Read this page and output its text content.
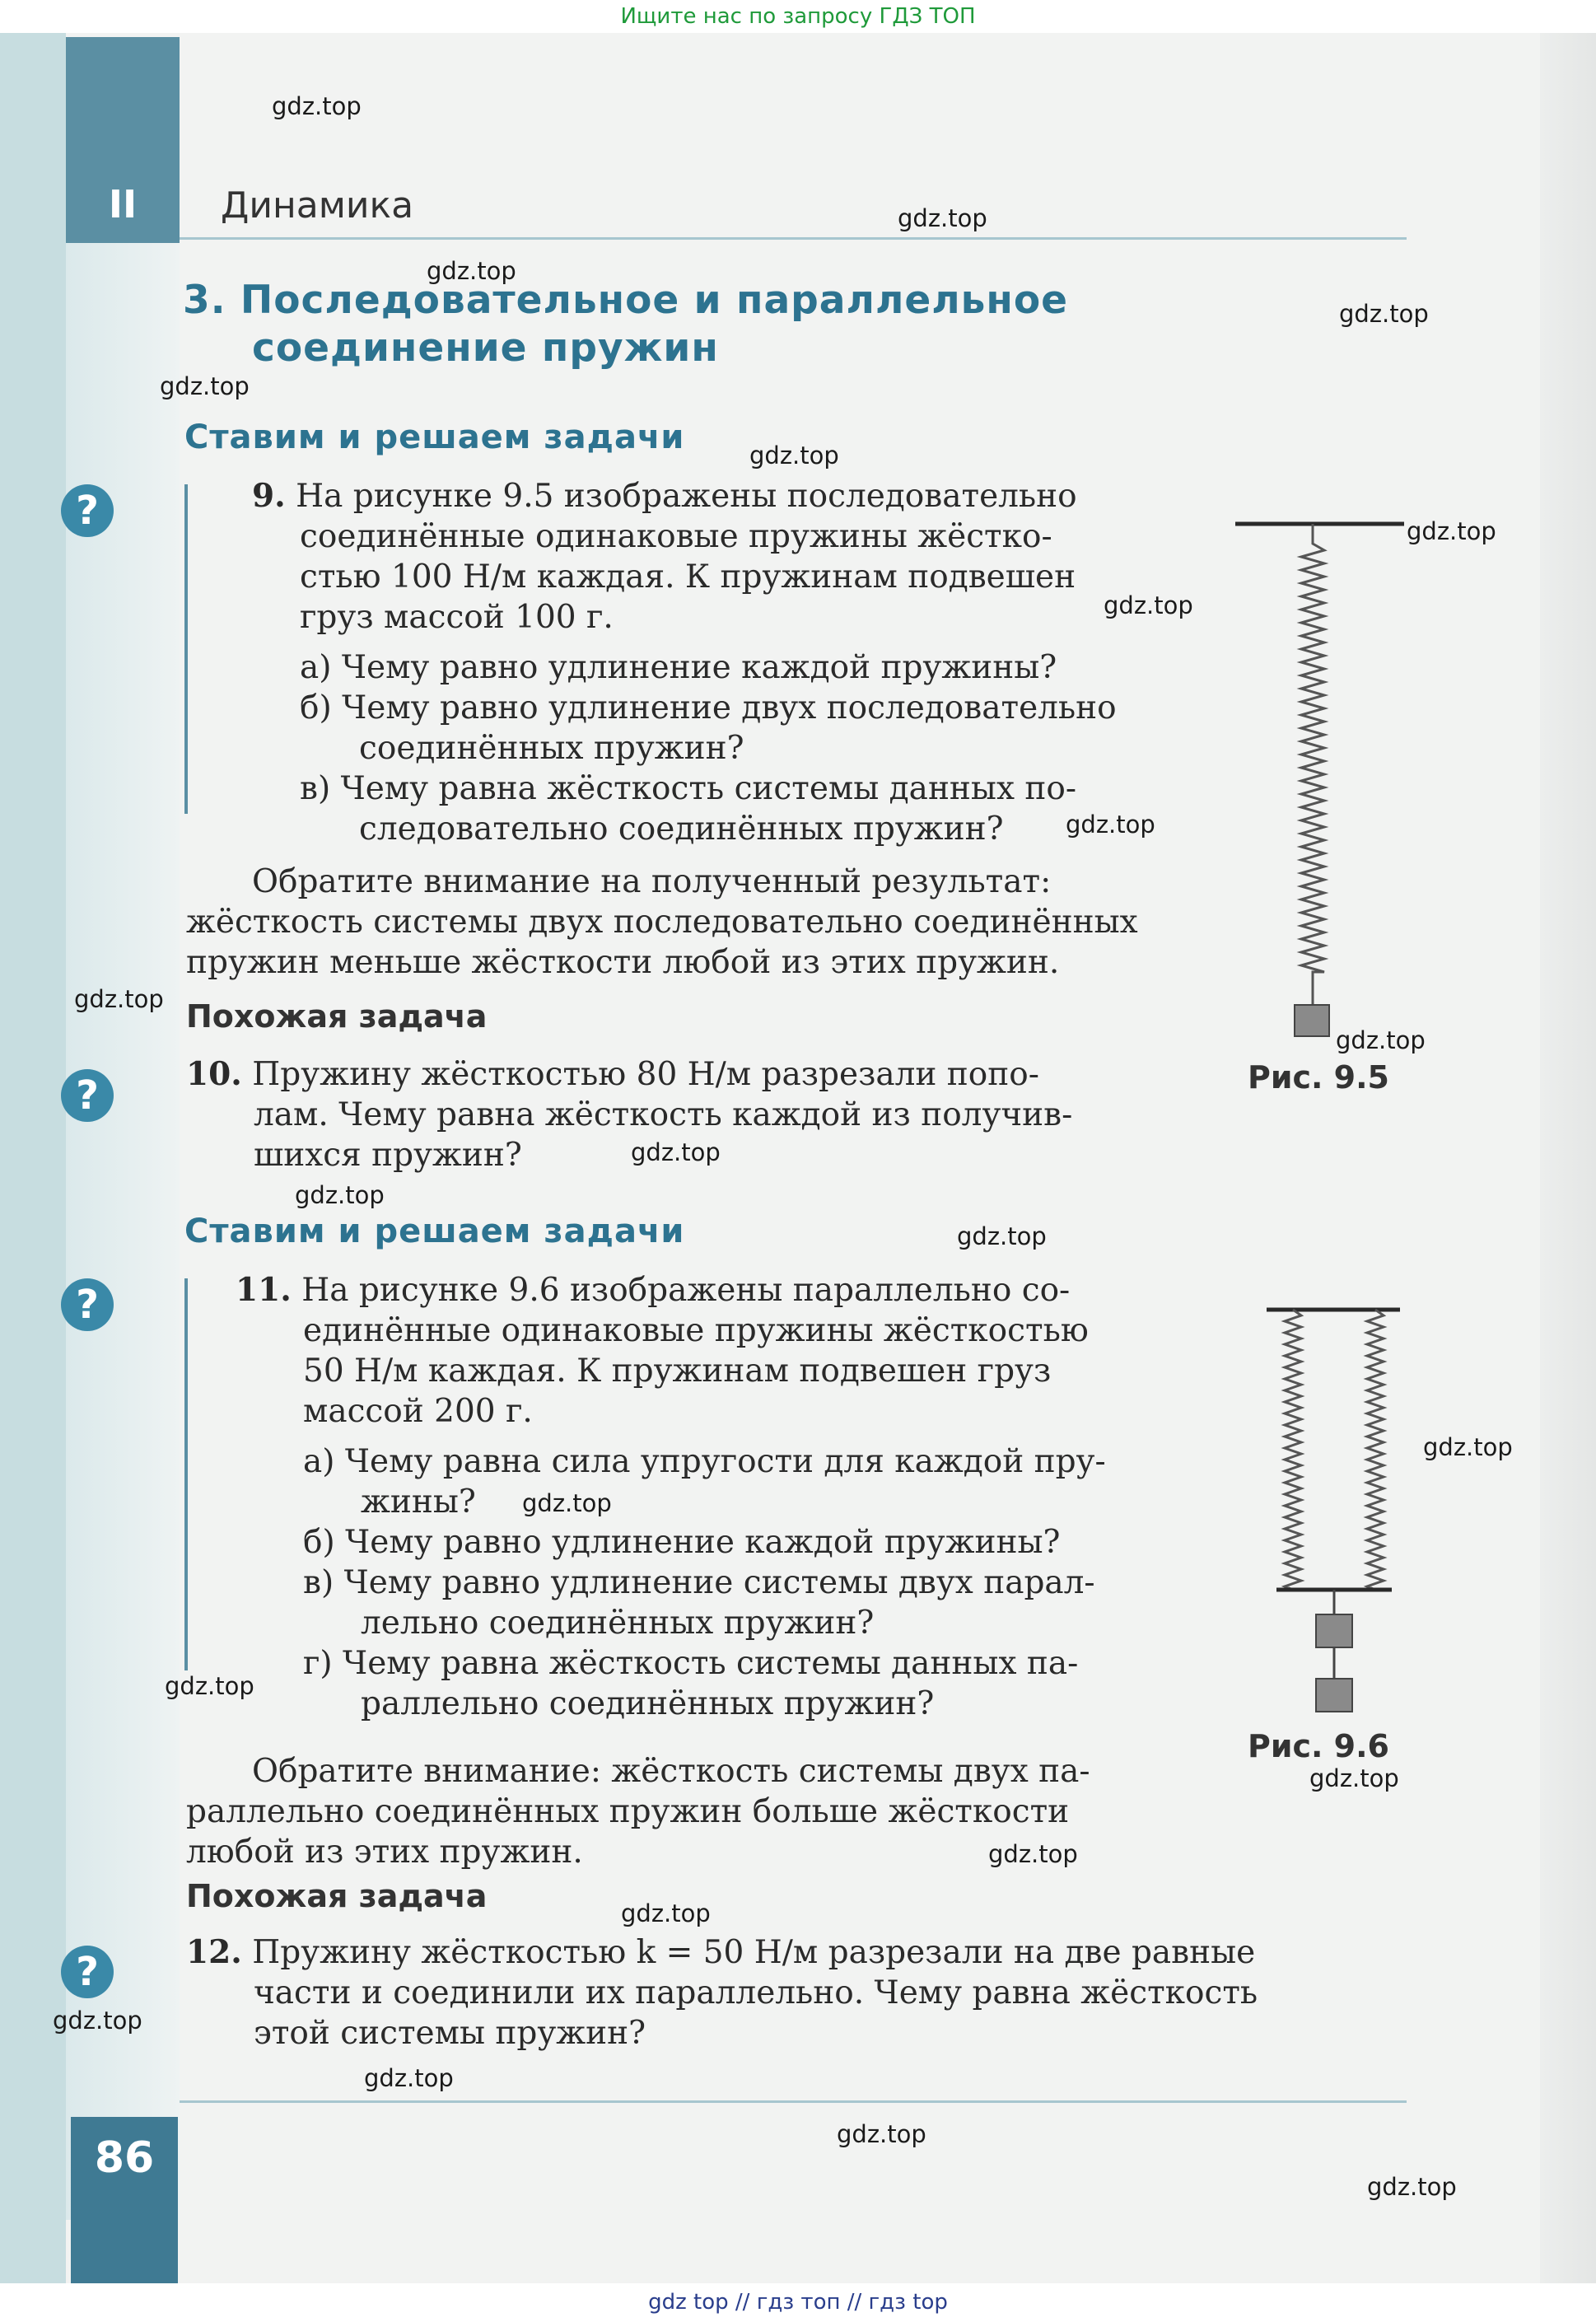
Ищите нас по запросу ГДЗ ТОП
II	Динамика
3. Последовательное и параллельное
соединение пружин
Ставим и решаем задачи
?	9. На рисунке 9.5 изображены последовательно
соединённые одинаковые пружины жёстко-
стью 100 Н/м каждая. К пружинам подвешен
груз массой 100 г.
а) Чему равно удлинение каждой пружины?
б) Чему равно удлинение двух последовательно
соединённых пружин?
в) Чему равна жёсткость системы данных по-
следовательно соединённых пружин?
Обратите внимание на полученный результат:
жёсткость системы двух последовательно соединённых
пружин меньше жёсткости любой из этих пружин.
Рис. 9.5
Похожая задача
?	10. Пружину жёсткостью 80 Н/м разрезали попо-
лам. Чему равна жёсткость каждой из получив-
шихся пружин?
Ставим и решаем задачи
?	11. На рисунке 9.6 изображены параллельно со-
единённые одинаковые пружины жёсткостью
50 Н/м каждая. К пружинам подвешен груз
массой 200 г.
а) Чему равна сила упругости для каждой пру-
жины?
б) Чему равно удлинение каждой пружины?
в) Чему равно удлинение системы двух парал-
лельно соединённых пружин?
г) Чему равна жёсткость системы данных па-
раллельно соединённых пружин?
Обратите внимание: жёсткость системы двух па-
раллельно соединённых пружин больше жёсткости
любой из этих пружин.
Рис. 9.6
Похожая задача
?	12. Пружину жёсткостью k = 50 Н/м разрезали на две равные
части и соединили их параллельно. Чему равна жёсткость
этой системы пружин?
86
gdz.top
gdz.top
gdz.top
gdz.top
gdz.top
gdz.top
gdz.top
gdz.top
gdz.top
gdz.top
gdz.top
gdz.top
gdz.top
gdz.top
gdz.top
gdz.top
gdz.top
gdz.top
gdz.top
gdz.top
gdz.top
gdz.top
gdz.top
gdz.top
gdz top // гдз топ // гдз top
